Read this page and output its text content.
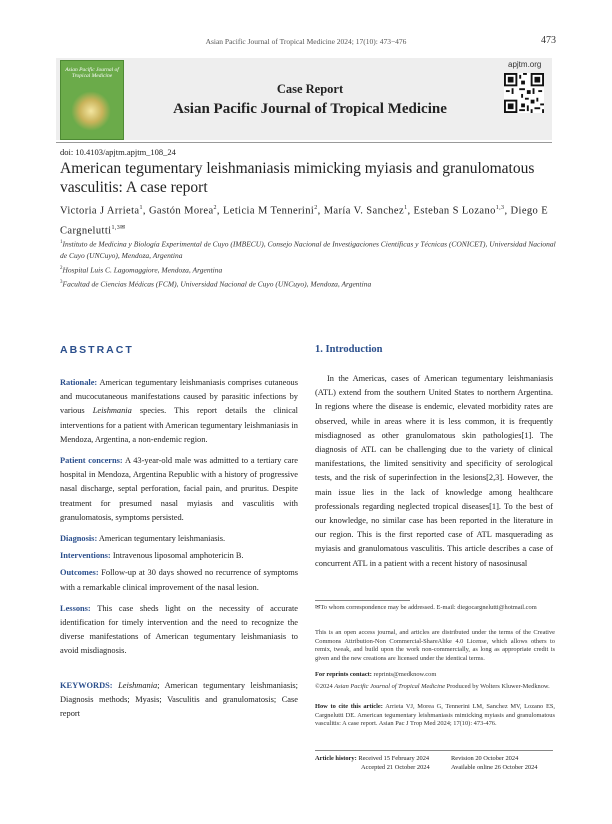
Asian Pacific Journal of Tropical Medicine 2024; 17(10): 473−476	473
Asian Pacific Journal of Tropical Medicine
Case Report
Asian Pacific Journal of Tropical Medicine
apjtm.org
doi: 10.4103/apjtm.apjtm_108_24
American tegumentary leishmaniasis mimicking myiasis and granulomatous vasculitis: A case report
Victoria J Arrieta$^1$, Gastón Morea$^2$, Leticia M Tennerini$^2$, María V. Sanchez$^1$, Esteban S Lozano$^{1,3}$, Diego E Cargnelutti$^{1,3✉}$
$^1$Instituto de Medicina y Biología Experimental de Cuyo (IMBECU), Consejo Nacional de Investigaciones Científicas y Técnicas (CONICET), Universidad Nacional de Cuyo (UNCuyo), Mendoza, Argentina
$^2$Hospital Luis C. Lagomaggiore, Mendoza, Argentina
$^3$Facultad de Ciencias Médicas (FCM), Universidad Nacional de Cuyo (UNCuyo), Mendoza, Argentina
ABSTRACT	1. Introduction

Rationale: American tegumentary leishmaniasis comprises cutaneous and mucocutaneous manifestations caused by parasitic infections by various Leishmania species. This report details the clinical interventions for a patient with American tegumentary leishmaniasis in Mendoza, Argentina, a non-endemic region.

Patient concerns: A 43-year-old male was admitted to a tertiary care hospital in Mendoza, Argentina Republic with a history of progressive nasal discharge, septal perforation, facial pain, and pruritus. Despite treatment for presumed nasal myiasis and vasculitis with granulomatosis, symptoms persisted.

Diagnosis: American tegumentary leishmaniasis.

Interventions: Intravenous liposomal amphotericin B.

Outcomes: Follow-up at 30 days showed no recurrence of symptoms with a remarkable clinical improvement of the nasal lesion.

Lessons: This case sheds light on the necessity of accurate identification for timely intervention and the need to recognize the diverse manifestations of American tegumentary leishmaniasis to avoid misdiagnosis.

KEYWORDS: Leishmania; American tegumentary leishmaniasis; Diagnosis methods; Myasis; Vasculitis and granulomatosis; Case report

In the Americas, cases of American tegumentary leishmaniasis (ATL) extend from the southern United States to northern Argentina. In regions where the disease is endemic, elevated morbidity rates are observed, while in areas where it is less common, it is frequently misdiagnosed as other granulomatous skin pathologies[1]. The diagnosis of ATL can be challenging due to the variety of clinical manifestations, the limited sensitivity and specificity of serological tests, and the risk of superinfection in the lesions[2,3]. However, the main issue lies in the lack of knowledge among healthcare professionals regarding neglected tropical diseases[1]. To the best of our knowledge, no similar case has been reported in the literature in our region. This is the first reported case of ATL masquerading as myiasis and granulomatous vasculitis. This article describes a case of concurrent ATL in a patient with a recent history of nasosinusal

✉To whom correspondence may be addressed. E-mail: diegocargnelutti@hotmail.com
This is an open access journal, and articles are distributed under the terms of the Creative Commons Attribution-Non Commercial-ShareAlike 4.0 License, which allows others to remix, tweak, and build upon the work non-commercially, as long as appropriate credit is given and the new creations are licensed under the identical terms.
For reprints contact: reprints@medknow.com
©2024 Asian Pacific Journal of Tropical Medicine Produced by Wolters Kluwer-Medknow.
How to cite this article: Arrieta VJ, Morea G, Tennerini LM, Sanchez MV, Lozano ES, Cargnelutti DE. American tegumentary leishmaniasis mimicking myiasis and granulomatous vasculitis: A case report. Asian Pac J Trop Med 2024; 17(10): 473-476.
Article history: Received 15 February 2024	Revision 20 October 2024
Accepted 21 October 2024	Available online 26 October 2024
